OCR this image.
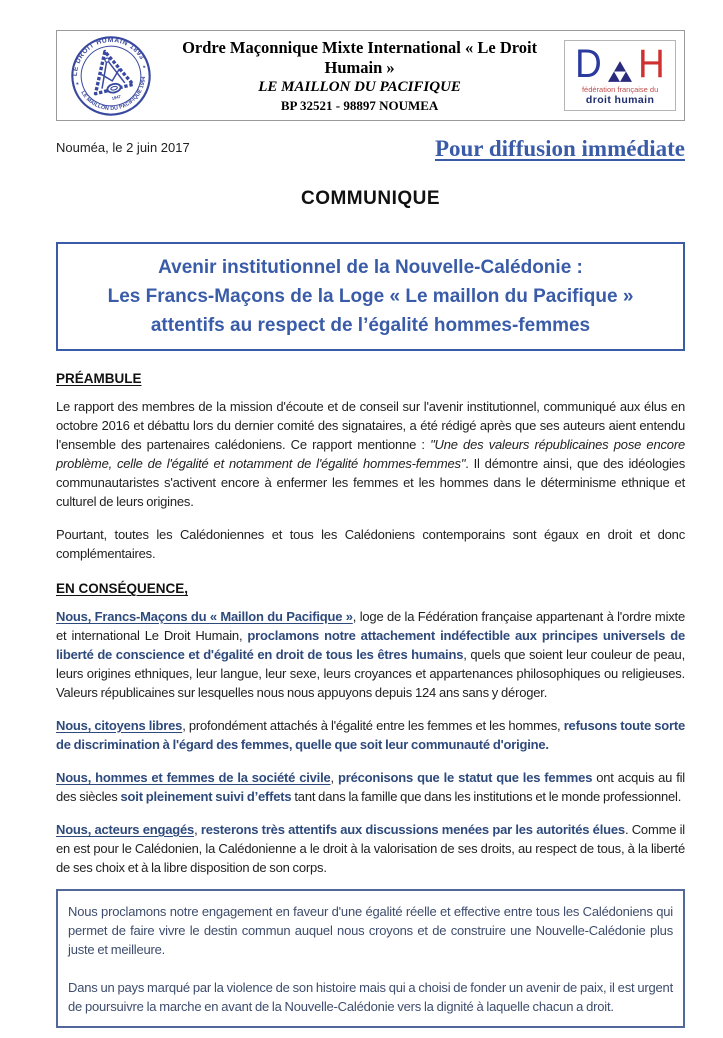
LE DROIT HUMAIN 1893
LE MAILLON DU PACIFIQUE 1994
*
*
1947
Ordre Maçonnique Mixte International « Le Droit Humain »
LE MAILLON DU PACIFIQUE
BP 32521 - 98897 NOUMEA
D H
fédération française du
droit humain
Nouméa, le 2 juin 2017	Pour diffusion immédiate
COMMUNIQUE
Avenir institutionnel de la Nouvelle-Calédonie :
Les Francs-Maçons de la Loge « Le maillon du Pacifique »
attentifs au respect de l’égalité hommes-femmes
PRÉAMBULE

Le rapport des membres de la mission d'écoute et de conseil sur l'avenir institutionnel, communiqué aux élus en octobre 2016 et débattu lors du dernier comité des signataires, a été rédigé après que ses auteurs aient entendu l'ensemble des partenaires calédoniens. Ce rapport mentionne : "Une des valeurs républicaines pose encore problème, celle de l'égalité et notamment de l'égalité hommes-femmes". Il démontre ainsi, que des idéologies communautaristes s'activent encore à enfermer les femmes et les hommes dans le déterminisme ethnique et culturel de leurs origines.

Pourtant, toutes les Calédoniennes et tous les Calédoniens contemporains sont égaux en droit et donc complémentaires.

EN CONSÉQUENCE,

Nous, Francs-Maçons du « Maillon du Pacifique », loge de la Fédération française appartenant à l'ordre mixte et international Le Droit Humain, proclamons notre attachement indéfectible aux principes universels de liberté de conscience et d'égalité en droit de tous les êtres humains, quels que soient leur couleur de peau, leurs origines ethniques, leur langue, leur sexe, leurs croyances et appartenances philosophiques ou religieuses. Valeurs républicaines sur lesquelles nous nous appuyons depuis 124 ans sans y déroger.

Nous, citoyens libres, profondément attachés à l'égalité entre les femmes et les hommes, refusons toute sorte de discrimination à l'égard des femmes, quelle que soit leur communauté d'origine.

Nous, hommes et femmes de la société civile, préconisons que le statut que les femmes ont acquis au fil des siècles soit pleinement suivi d’effets tant dans la famille que dans les institutions et le monde professionnel.

Nous, acteurs engagés, resterons très attentifs aux discussions menées par les autorités élues. Comme il en est pour le Calédonien, la Calédonienne a le droit à la valorisation de ses droits, au respect de tous, à la liberté de ses choix et à la libre disposition de son corps.

Nous proclamons notre engagement en faveur d'une égalité réelle et effective entre tous les Calédoniens qui permet de faire vivre le destin commun auquel nous croyons et de construire une Nouvelle-Calédonie plus juste et meilleure.

Dans un pays marqué par la violence de son histoire mais qui a choisi de fonder un avenir de paix, il est urgent de poursuivre la marche en avant de la Nouvelle-Calédonie vers la dignité à laquelle chacun a droit.
